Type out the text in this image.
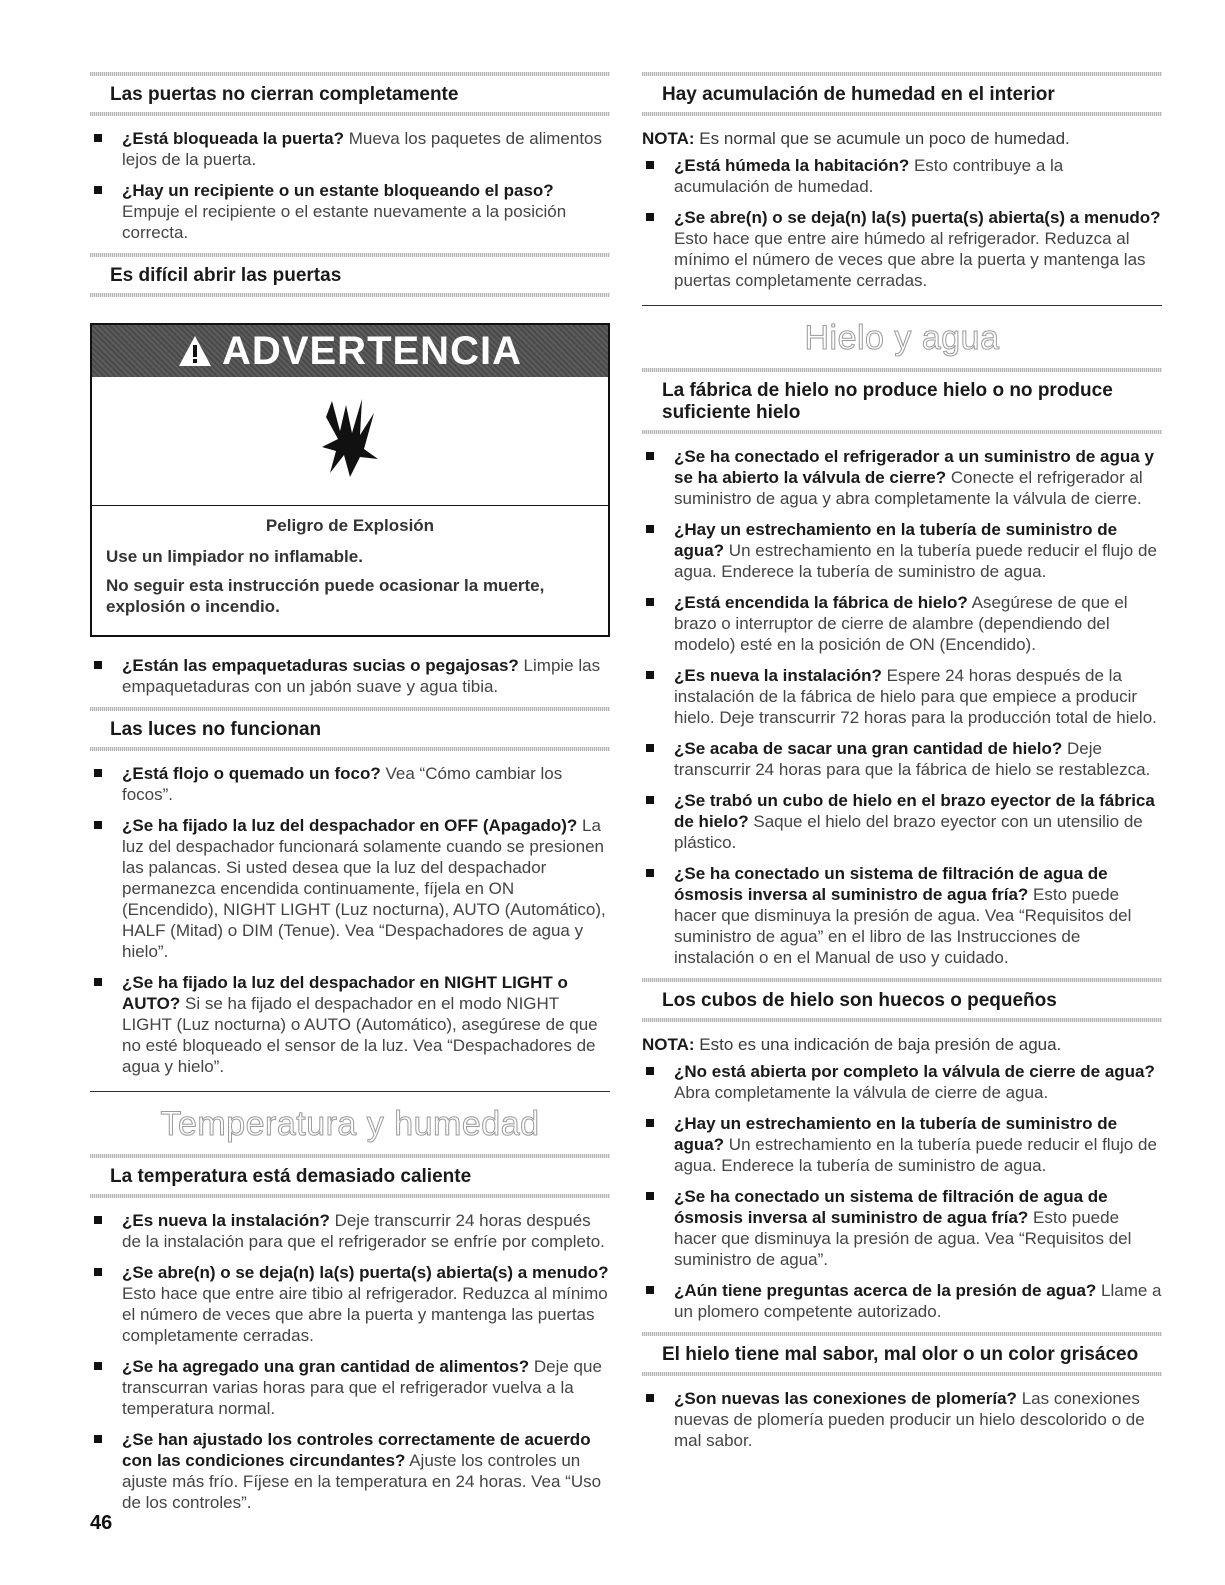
Las puertas no cierran completamente
¿Está bloqueada la puerta? Mueva los paquetes de alimentos lejos de la puerta.
¿Hay un recipiente o un estante bloqueando el paso? Empuje el recipiente o el estante nuevamente a la posición correcta.
Es difícil abrir las puertas
ADVERTENCIA
Peligro de Explosión
Use un limpiador no inflamable.
No seguir esta instrucción puede ocasionar la muerte, explosión o incendio.
¿Están las empaquetaduras sucias o pegajosas? Limpie las empaquetaduras con un jabón suave y agua tibia.
Las luces no funcionan
¿Está flojo o quemado un foco? Vea “Cómo cambiar los focos”.
¿Se ha fijado la luz del despachador en OFF (Apagado)? La luz del despachador funcionará solamente cuando se presionen las palancas. Si usted desea que la luz del despachador permanezca encendida continuamente, fíjela en ON (Encendido), NIGHT LIGHT (Luz nocturna), AUTO (Automático), HALF (Mitad) o DIM (Tenue). Vea “Despachadores de agua y hielo”.
¿Se ha fijado la luz del despachador en NIGHT LIGHT o AUTO? Si se ha fijado el despachador en el modo NIGHT LIGHT (Luz nocturna) o AUTO (Automático), asegúrese de que no esté bloqueado el sensor de la luz. Vea “Despachadores de agua y hielo”.
Temperatura y humedad
La temperatura está demasiado caliente
¿Es nueva la instalación? Deje transcurrir 24 horas después de la instalación para que el refrigerador se enfríe por completo.
¿Se abre(n) o se deja(n) la(s) puerta(s) abierta(s) a menudo? Esto hace que entre aire tibio al refrigerador. Reduzca al mínimo el número de veces que abre la puerta y mantenga las puertas completamente cerradas.
¿Se ha agregado una gran cantidad de alimentos? Deje que transcurran varias horas para que el refrigerador vuelva a la temperatura normal.
¿Se han ajustado los controles correctamente de acuerdo con las condiciones circundantes? Ajuste los controles un ajuste más frío. Fíjese en la temperatura en 24 horas. Vea “Uso de los controles”.
Hay acumulación de humedad en el interior

NOTA: Es normal que se acumule un poco de humedad.

¿Está húmeda la habitación? Esto contribuye a la acumulación de humedad.
¿Se abre(n) o se deja(n) la(s) puerta(s) abierta(s) a menudo? Esto hace que entre aire húmedo al refrigerador. Reduzca al mínimo el número de veces que abre la puerta y mantenga las puertas completamente cerradas.
Hielo y agua
La fábrica de hielo no produce hielo o no produce suficiente hielo
¿Se ha conectado el refrigerador a un suministro de agua y se ha abierto la válvula de cierre? Conecte el refrigerador al suministro de agua y abra completamente la válvula de cierre.
¿Hay un estrechamiento en la tubería de suministro de agua? Un estrechamiento en la tubería puede reducir el flujo de agua. Enderece la tubería de suministro de agua.
¿Está encendida la fábrica de hielo? Asegúrese de que el brazo o interruptor de cierre de alambre (dependiendo del modelo) esté en la posición de ON (Encendido).
¿Es nueva la instalación? Espere 24 horas después de la instalación de la fábrica de hielo para que empiece a producir hielo. Deje transcurrir 72 horas para la producción total de hielo.
¿Se acaba de sacar una gran cantidad de hielo? Deje transcurrir 24 horas para que la fábrica de hielo se restablezca.
¿Se trabó un cubo de hielo en el brazo eyector de la fábrica de hielo? Saque el hielo del brazo eyector con un utensilio de plástico.
¿Se ha conectado un sistema de filtración de agua de ósmosis inversa al suministro de agua fría? Esto puede hacer que disminuya la presión de agua. Vea “Requisitos del suministro de agua” en el libro de las Instrucciones de instalación o en el Manual de uso y cuidado.
Los cubos de hielo son huecos o pequeños

NOTA: Esto es una indicación de baja presión de agua.

¿No está abierta por completo la válvula de cierre de agua? Abra completamente la válvula de cierre de agua.
¿Hay un estrechamiento en la tubería de suministro de agua? Un estrechamiento en la tubería puede reducir el flujo de agua. Enderece la tubería de suministro de agua.
¿Se ha conectado un sistema de filtración de agua de ósmosis inversa al suministro de agua fría? Esto puede hacer que disminuya la presión de agua. Vea “Requisitos del suministro de agua”.
¿Aún tiene preguntas acerca de la presión de agua? Llame a un plomero competente autorizado.
El hielo tiene mal sabor, mal olor o un color grisáceo
¿Son nuevas las conexiones de plomería? Las conexiones nuevas de plomería pueden producir un hielo descolorido o de mal sabor.
46
